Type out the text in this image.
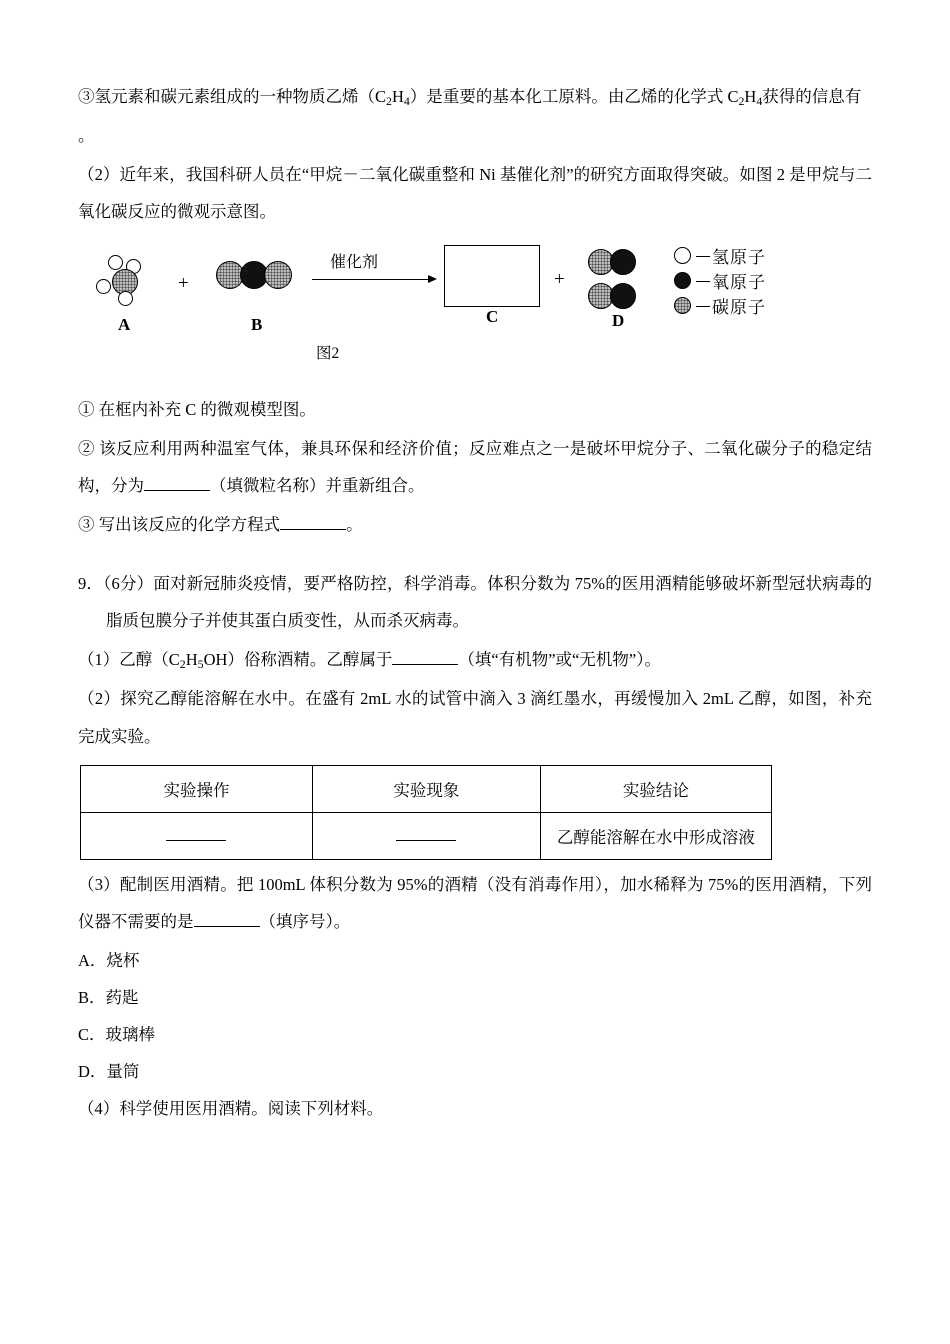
③氢元素和碳元素组成的一种物质乙烯$(C_2H_4)$是重要的基本化工原料。由乙烯的化学式 $C_2H_4$获得的信息有

。

（2）近年来，我国科研人员在“甲烷－二氧化碳重整和 Ni 基催化剂”的研究方面取得突破。如图 2 是甲烷与二氧化碳反应的微观示意图。

A
+
B
催化剂
C
+
D
氢原子
氧原子
碳原子
图2

① 在框内补充 C 的微观模型图。

② 该反应利用两种温室气体，兼具环保和经济价值；反应难点之一是破坏甲烷分子、二氧化碳分子的稳定结构，分为	（填微粒名称）并重新组合。

③ 写出该反应的化学方程式	。

9．（6分）面对新冠肺炎疫情，要严格防控，科学消毒。体积分数为 75%的医用酒精能够破坏新型冠状病毒的脂质包膜分子并使其蛋白质变性，从而杀灭病毒。

（1）乙醇$(C_2H_5OH)$俗称酒精。乙醇属于	（填“有机物”或“无机物”）。

（2）探究乙醇能溶解在水中。在盛有 2mL 水的试管中滴入 3 滴红墨水，再缓慢加入 2mL 乙醇，如图，补充完成实验。

实验操作	实验现象	实验结论
		乙醇能溶解在水中形成溶液

（3）配制医用酒精。把 100mL 体积分数为 95%的酒精（没有消毒作用），加水稀释为 75%的医用酒精，下列仪器不需要的是	（填序号）。

A．烧杯

B．药匙

C．玻璃棒

D．量筒

（4）科学使用医用酒精。阅读下列材料。
